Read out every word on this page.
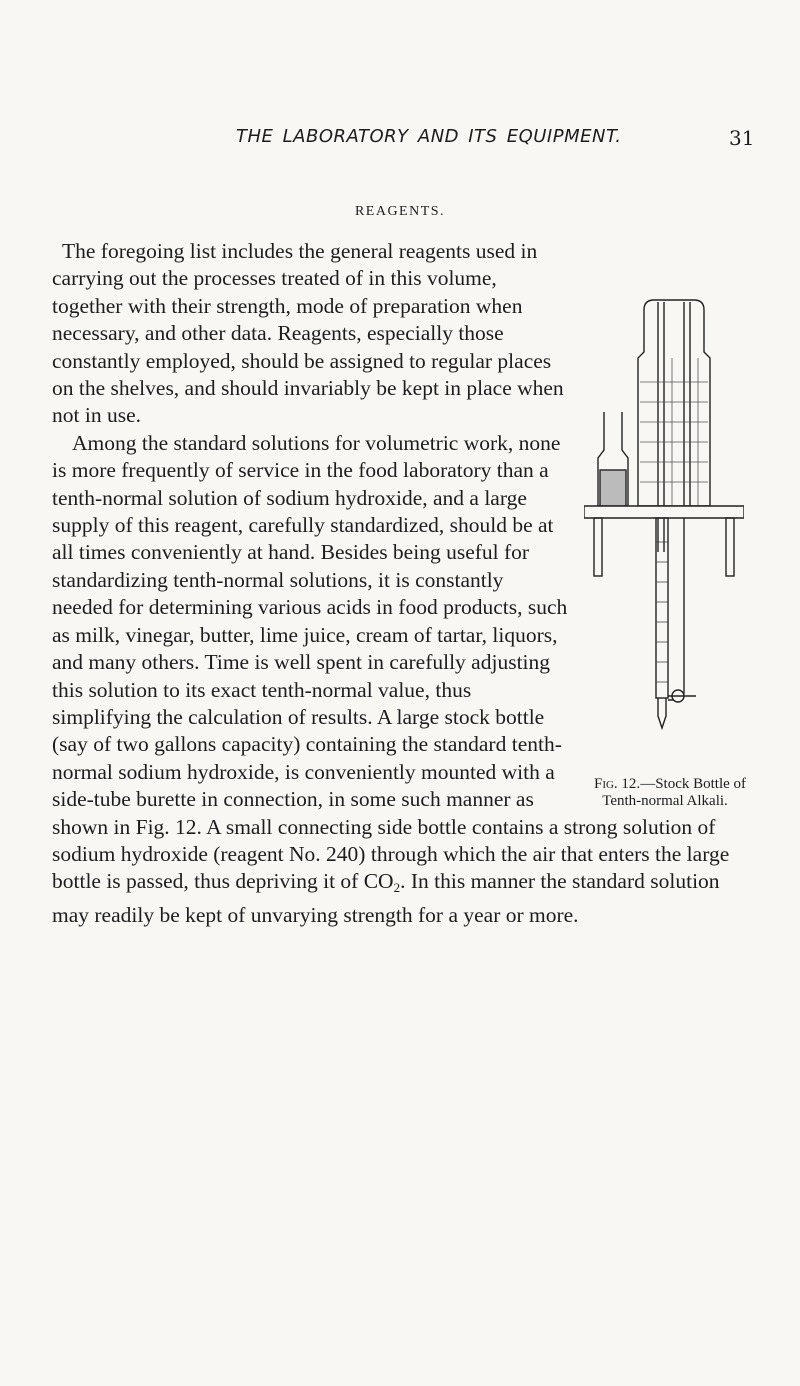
THE LABORATORY AND ITS EQUIPMENT.	31
REAGENTS.

Fig. 12.—Stock Bottle of Tenth-normal Alkali.
The foregoing list includes the general reagents used in carrying out the processes treated of in this volume, together with their strength, mode of preparation when necessary, and other data. Reagents, especially those constantly employed, should be assigned to regular places on the shelves, and should invariably be kept in place when not in use.

Among the standard solutions for volumetric work, none is more frequently of service in the food laboratory than a tenth-normal solution of sodium hydroxide, and a large supply of this reagent, carefully standardized, should be at all times conveniently at hand. Besides being useful for standardizing tenth-normal solutions, it is constantly needed for determining various acids in food products, such as milk, vinegar, butter, lime juice, cream of tartar, liquors, and many others. Time is well spent in carefully adjusting this solution to its exact tenth-normal value, thus simplifying the calculation of results. A large stock bottle (say of two gallons capacity) containing the standard tenth-normal sodium hydroxide, is conveniently mounted with a side-tube burette in connection, in some such manner as shown in Fig. 12. A small connecting side bottle contains a strong solution of sodium hydroxide (reagent No. 240) through which the air that enters the large bottle is passed, thus depriving it of $CO_2$. In this manner the standard solution may readily be kept of unvarying strength for a year or more.
